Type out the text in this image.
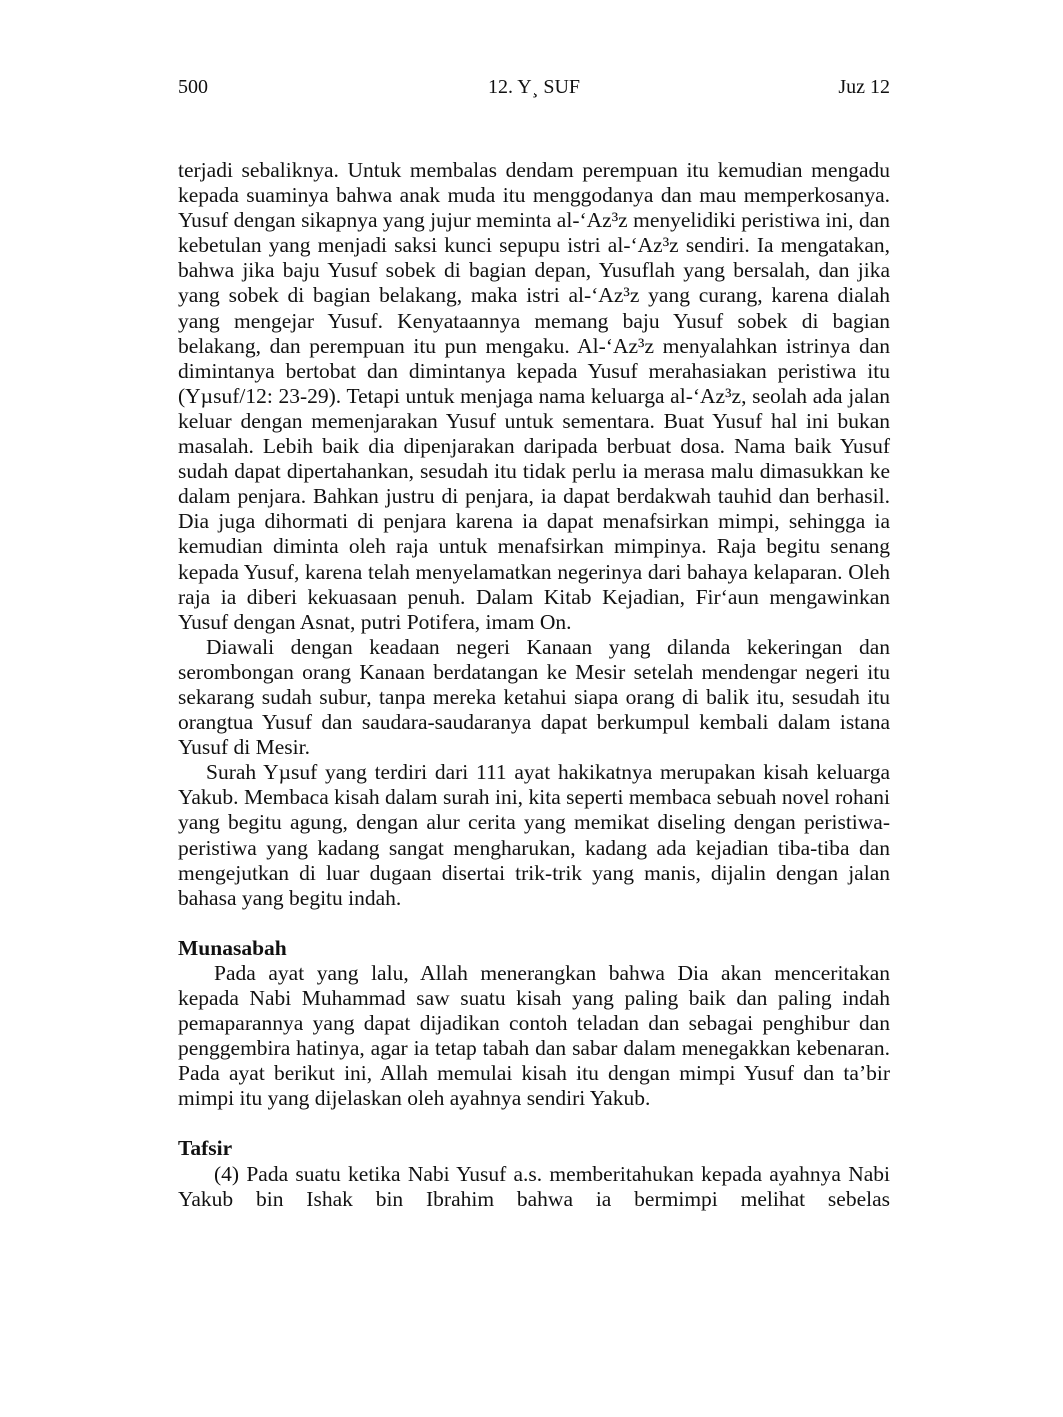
500	12. Y¸ SUF	Juz 12

terjadi sebaliknya. Untuk membalas dendam perempuan itu kemudian mengadu kepada suaminya bahwa anak muda itu menggodanya dan mau memperkosanya. Yusuf dengan sikapnya yang jujur meminta al-‘Az³z menyelidiki peristiwa ini, dan kebetulan yang menjadi saksi kunci sepupu istri al-‘Az³z sendiri. Ia mengatakan, bahwa jika baju Yusuf sobek di bagian depan, Yusuflah yang bersalah, dan jika yang sobek di bagian belakang, maka istri al-‘Az³z yang curang, karena dialah yang mengejar Yusuf. Kenyataannya memang baju Yusuf sobek di bagian belakang, dan perempuan itu pun mengaku. Al-‘Az³z menyalahkan istrinya dan dimintanya bertobat dan dimintanya kepada Yusuf merahasiakan peristiwa itu (Yµsuf/12: 23-29). Tetapi untuk menjaga nama keluarga al-‘Az³z, seolah ada jalan keluar dengan memenjarakan Yusuf untuk sementara. Buat Yusuf hal ini bukan masalah. Lebih baik dia dipenjarakan daripada berbuat dosa. Nama baik Yusuf sudah dapat dipertahankan, sesudah itu tidak perlu ia merasa malu dimasukkan ke dalam penjara. Bahkan justru di penjara, ia dapat berdakwah tauhid dan berhasil. Dia juga dihormati di penjara karena ia dapat menafsirkan mimpi, sehingga ia kemudian diminta oleh raja untuk menafsirkan mimpinya. Raja begitu senang kepada Yusuf, karena telah menyelamatkan negerinya dari bahaya kelaparan. Oleh raja ia diberi kekuasaan penuh. Dalam Kitab Kejadian, Fir‘aun mengawinkan Yusuf dengan Asnat, putri Potifera, imam On.

Diawali dengan keadaan negeri Kanaan yang dilanda kekeringan dan serombongan orang Kanaan berdatangan ke Mesir setelah mendengar negeri itu sekarang sudah subur, tanpa mereka ketahui siapa orang di balik itu, sesudah itu orangtua Yusuf dan saudara-saudaranya dapat berkumpul kembali dalam istana Yusuf di Mesir.

Surah Yµsuf yang terdiri dari 111 ayat hakikatnya merupakan kisah keluarga Yakub. Membaca kisah dalam surah ini, kita seperti membaca sebuah novel rohani yang begitu agung, dengan alur cerita yang memikat diseling dengan peristiwa-peristiwa yang kadang sangat mengharukan, kadang ada kejadian tiba-tiba dan mengejutkan di luar dugaan disertai trik-trik yang manis, dijalin dengan jalan bahasa yang begitu indah.

Munasabah

Pada ayat yang lalu, Allah menerangkan bahwa Dia akan menceritakan kepada Nabi Muhammad saw suatu kisah yang paling baik dan paling indah pemaparannya yang dapat dijadikan contoh teladan dan sebagai penghibur dan penggembira hatinya, agar ia tetap tabah dan sabar dalam menegakkan kebenaran. Pada ayat berikut ini, Allah memulai kisah itu dengan mimpi Yusuf dan ta’bir mimpi itu yang dijelaskan oleh ayahnya sendiri Yakub.

Tafsir

(4) Pada suatu ketika Nabi Yusuf a.s. memberitahukan kepada ayahnya Nabi Yakub bin Ishak bin Ibrahim bahwa ia bermimpi melihat sebelas
